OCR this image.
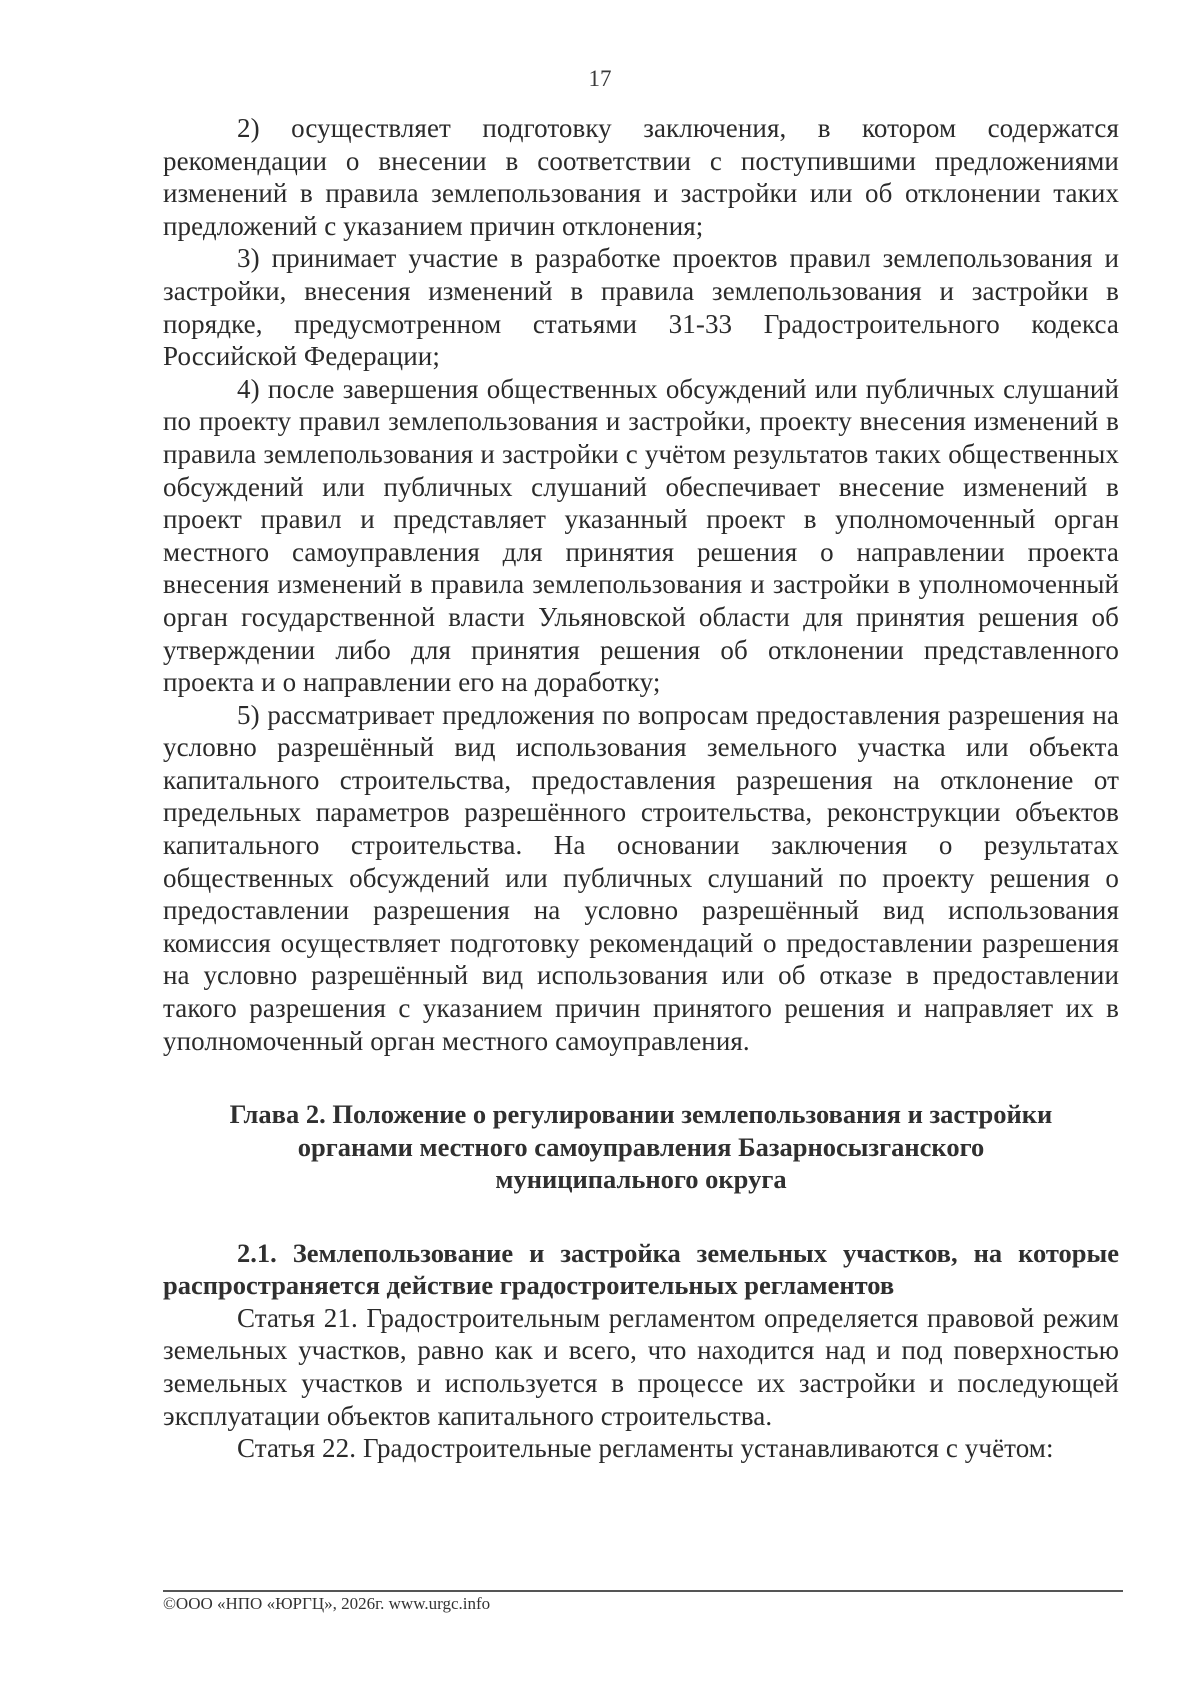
17

2) осуществляет подготовку заключения, в котором содержатся рекомендации о внесении в соответствии с поступившими предложениями изменений в правила землепользования и застройки или об отклонении таких предложений с указанием причин отклонения;

3) принимает участие в разработке проектов правил землепользования и застройки, внесения изменений в правила землепользования и застройки в порядке, предусмотренном статьями 31-33 Градостроительного кодекса Российской Федерации;

4) после завершения общественных обсуждений или публичных слушаний по проекту правил землепользования и застройки, проекту внесения изменений в правила землепользования и застройки с учётом результатов таких общественных обсуждений или публичных слушаний обеспечивает внесение изменений в проект правил и представляет указанный проект в уполномоченный орган местного самоуправления для принятия решения о направлении проекта внесения изменений в правила землепользования и застройки в уполномоченный орган государственной власти Ульяновской области для принятия решения об утверждении либо для принятия решения об отклонении представленного проекта и о направлении его на доработку;

5) рассматривает предложения по вопросам предоставления разрешения на условно разрешённый вид использования земельного участка или объекта капитального строительства, предоставления разрешения на отклонение от предельных параметров разрешённого строительства, реконструкции объектов капитального строительства. На основании заключения о результатах общественных обсуждений или публичных слушаний по проекту решения о предоставлении разрешения на условно разрешённый вид использования комиссия осуществляет подготовку рекомендаций о предоставлении разрешения на условно разрешённый вид использования или об отказе в предоставлении такого разрешения с указанием причин принятого решения и направляет их в уполномоченный орган местного самоуправления.

Глава 2. Положение о регулировании землепользования и застройки
органами местного самоуправления Базарносызганского
муниципального округа

2.1. Землепользование и застройка земельных участков, на которые распространяется действие градостроительных регламентов

Статья 21. Градостроительным регламентом определяется правовой режим земельных участков, равно как и всего, что находится над и под поверхностью земельных участков и используется в процессе их застройки и последующей эксплуатации объектов капитального строительства.

Статья 22. Градостроительные регламенты устанавливаются с учётом:

©ООО «НПО «ЮРГЦ», 2026г. www.urgc.info
